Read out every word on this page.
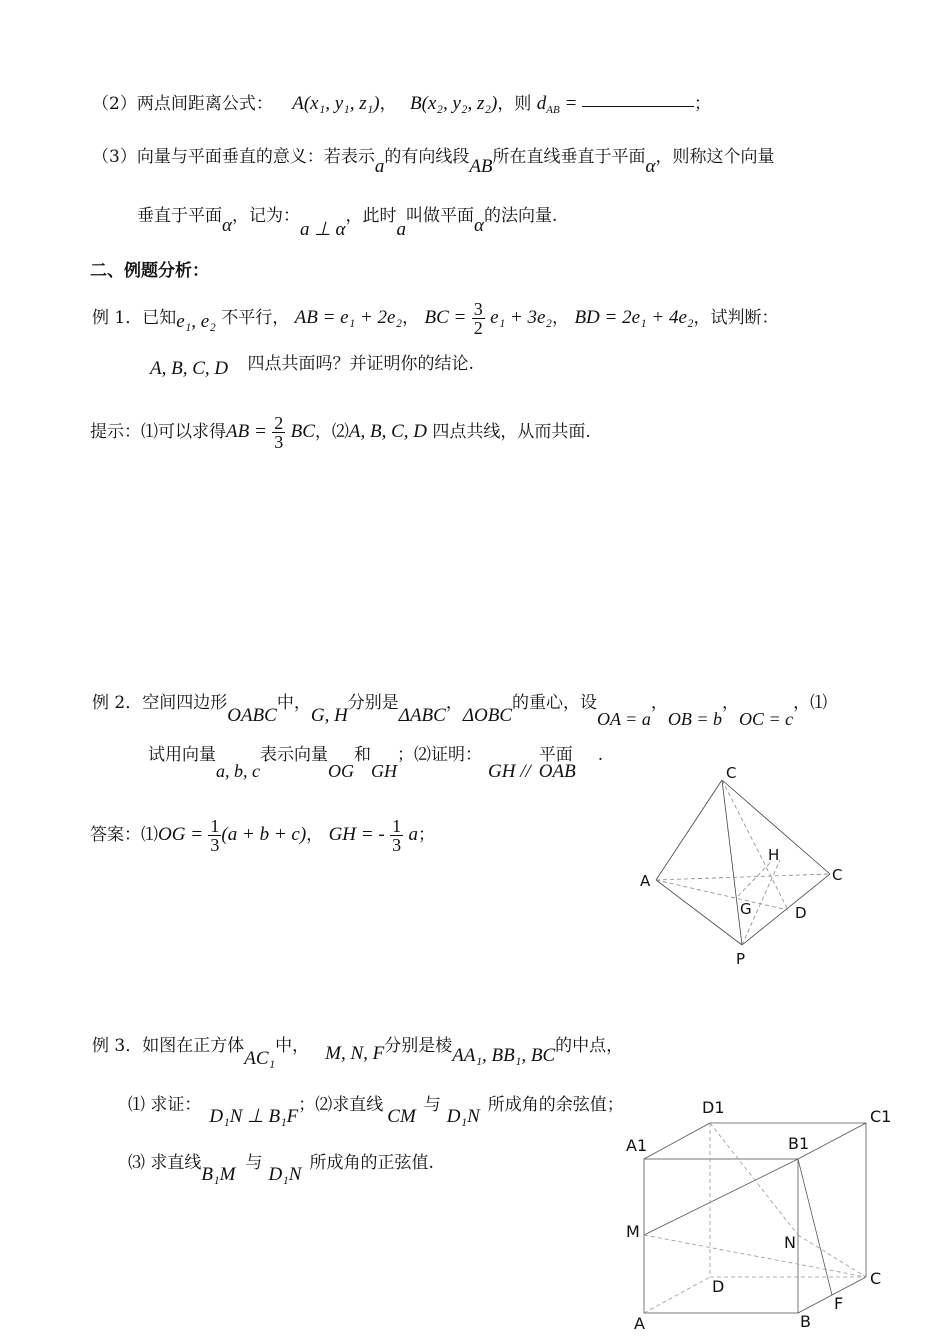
（2）两点间距离公式： A(x₁, y₁, z₁)， B(x₂, y₂, z₂)，则 $d_{AB}$ =	；
（3）向量与平面垂直的意义：若表示a的有向线段AB所在直线垂直于平面α，则称这个向量
垂直于平面α，记为：a ⊥ α，此时a叫做平面α的法向量.
二、例题分析：
例 1．已知e₁, e₂ 不平行， AB = e₁ + 2e₂， BC = $\frac{3}{2} e_1 + 3e_2$， BD = 2e₁ + 4e₂，试判断：
A, B, C, D 四点共面吗？并证明你的结论.
提示：⑴可以求得AB = $\frac{2}{3}$ BC，⑵A, B, C, D 四点共线，从而共面.
例 2．空间四边形OABC中，G, H分别是ΔABC，ΔOBC的重心，设OA = a，OB = b，OC = c，⑴
试用向量a, b, c表示向量OG和GH；⑵证明：GH //平面OAB.
答案：⑴OG = $\frac{1}{3} (a + b + c)$， GH = - $\frac{1}{3}$ a；
C
A	C
H
G	D
P
例 3．如图在正方体AC₁中， M, N, F分别是棱AA₁, BB₁, BC的中点，
⑴ 求证：D₁N ⊥ B₁F；⑵求直线CM与D₁N所成角的余弦值；
⑶ 求直线B₁M与D₁N所成角的正弦值.
D1	C1
A1	B1
M
N
D	C
A	B
F
